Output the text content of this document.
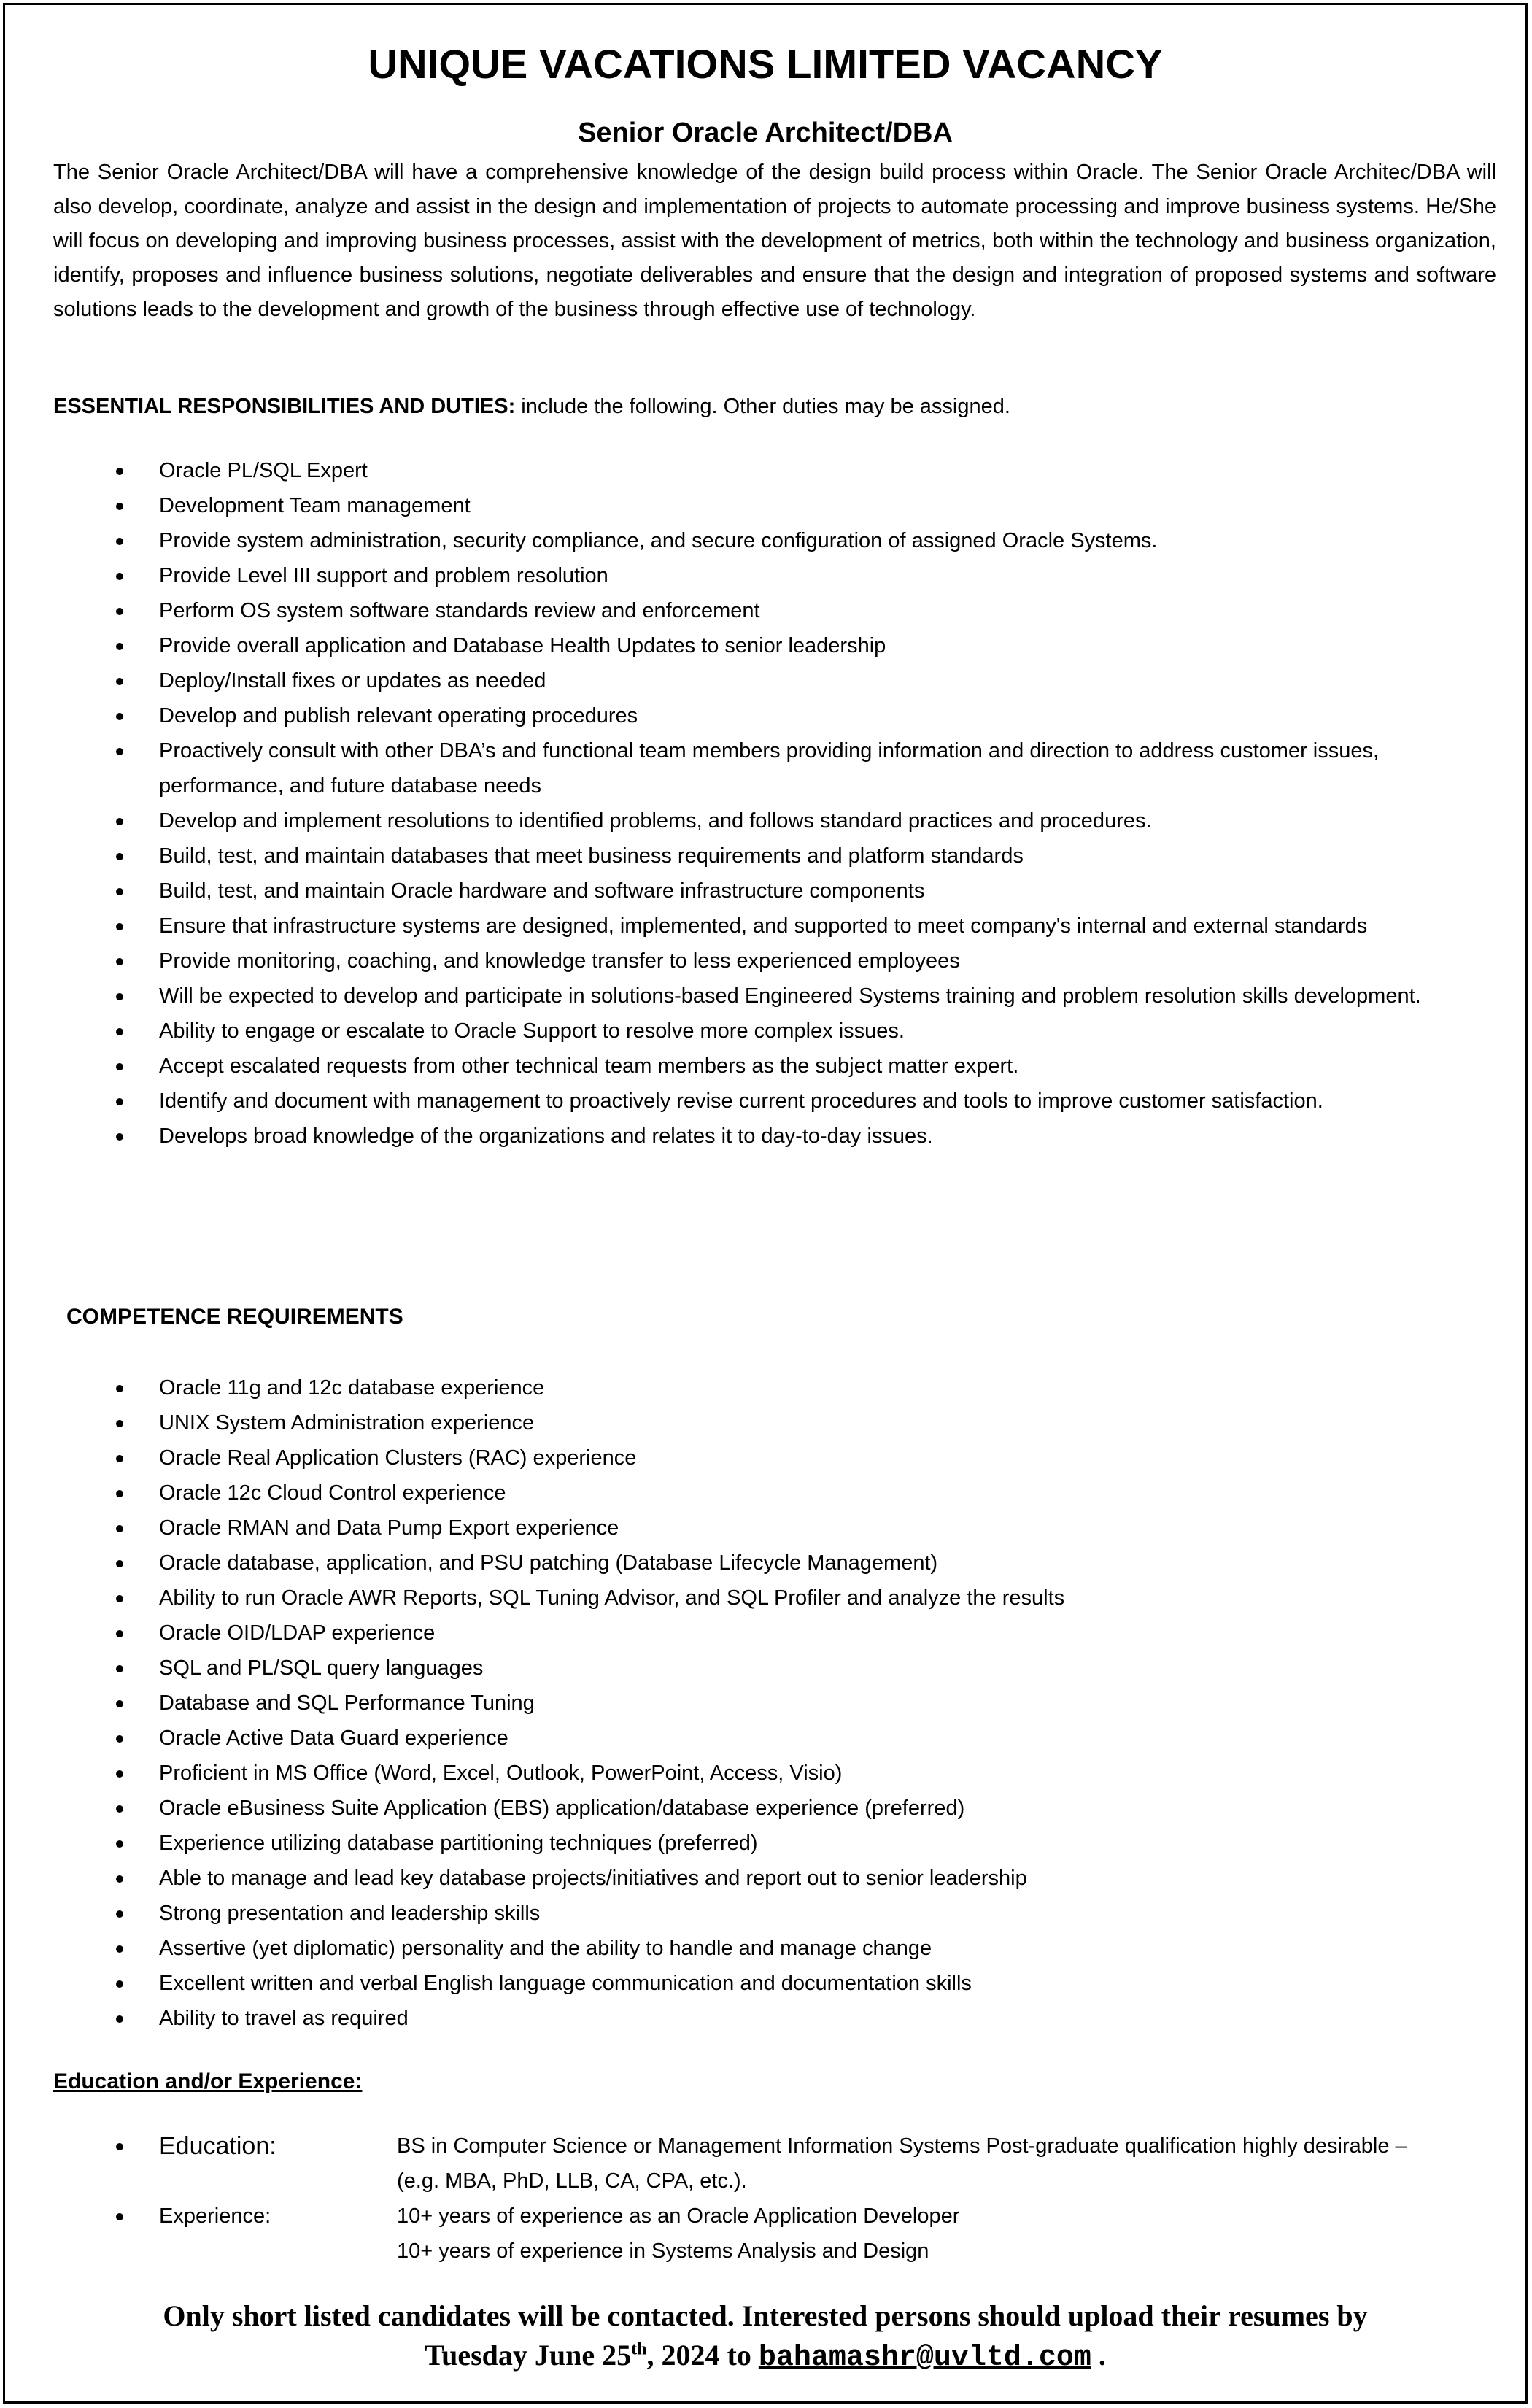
UNIQUE VACATIONS LIMITED VACANCY
Senior Oracle Architect/DBA

The Senior Oracle Architect/DBA will have a comprehensive knowledge of the design build process within Oracle. The Senior Oracle Architec/DBA will also develop, coordinate, analyze and assist in the design and implementation of projects to automate processing and improve business systems. He/She will focus on developing and improving business processes, assist with the development of metrics, both within the technology and business organization, identify, proposes and influence business solutions, negotiate deliverables and ensure that the design and integration of proposed systems and software solutions leads to the development and growth of the business through effective use of technology.

ESSENTIAL RESPONSIBILITIES AND DUTIES: include the following. Other duties may be assigned.

Oracle PL/SQL Expert
Development Team management
Provide system administration, security compliance, and secure configuration of assigned Oracle Systems.
Provide Level III support and problem resolution
Perform OS system software standards review and enforcement
Provide overall application and Database Health Updates to senior leadership
Deploy/Install fixes or updates as needed
Develop and publish relevant operating procedures
Proactively consult with other DBA’s and functional team members providing information and direction to address customer issues, performance, and future database needs
Develop and implement resolutions to identified problems, and follows standard practices and procedures.
Build, test, and maintain databases that meet business requirements and platform standards
Build, test, and maintain Oracle hardware and software infrastructure components
Ensure that infrastructure systems are designed, implemented, and supported to meet company's internal and external standards
Provide monitoring, coaching, and knowledge transfer to less experienced employees
Will be expected to develop and participate in solutions-based Engineered Systems training and problem resolution skills development.
Ability to engage or escalate to Oracle Support to resolve more complex issues.
Accept escalated requests from other technical team members as the subject matter expert.
Identify and document with management to proactively revise current procedures and tools to improve customer satisfaction.
Develops broad knowledge of the organizations and relates it to day-to-day issues.

COMPETENCE REQUIREMENTS

Oracle 11g and 12c database experience
UNIX System Administration experience
Oracle Real Application Clusters (RAC) experience
Oracle 12c Cloud Control experience
Oracle RMAN and Data Pump Export experience
Oracle database, application, and PSU patching (Database Lifecycle Management)
Ability to run Oracle AWR Reports, SQL Tuning Advisor, and SQL Profiler and analyze the results
Oracle OID/LDAP experience
SQL and PL/SQL query languages
Database and SQL Performance Tuning
Oracle Active Data Guard experience
Proficient in MS Office (Word, Excel, Outlook, PowerPoint, Access, Visio)
Oracle eBusiness Suite Application (EBS) application/database experience (preferred)
Experience utilizing database partitioning techniques (preferred)
Able to manage and lead key database projects/initiatives and report out to senior leadership
Strong presentation and leadership skills
Assertive (yet diplomatic) personality and the ability to handle and manage change
Excellent written and verbal English language communication and documentation skills
Ability to travel as required

Education and/or Experience:

Education:	BS in Computer Science or Management Information Systems Post-graduate qualification highly desirable – (e.g. MBA, PhD, LLB, CA, CPA, etc.).
Experience:	10+ years of experience as an Oracle Application Developer
10+ years of experience in Systems Analysis and Design
Only short listed candidates will be contacted. Interested persons should upload their resumes by
Tuesday June 25th, 2024 to bahamashr@uvltd.com .
